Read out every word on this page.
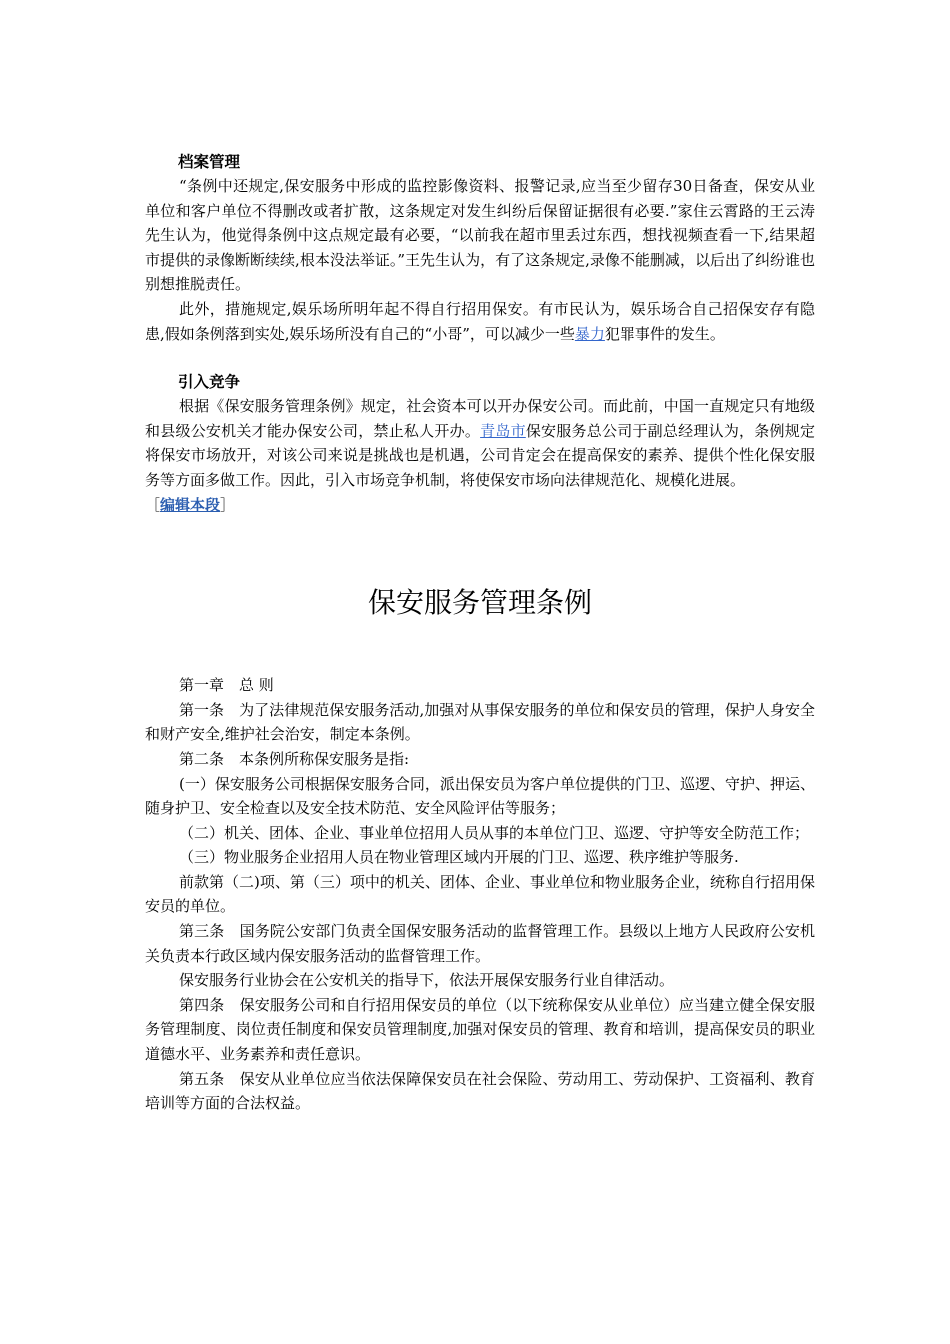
档案管理

“条例中还规定,保安服务中形成的监控影像资料、报警记录,应当至少留存30日备查，保安从业单位和客户单位不得删改或者扩散，这条规定对发生纠纷后保留证据很有必要.”家住云霄路的王云涛先生认为，他觉得条例中这点规定最有必要，“以前我在超市里丢过东西，想找视频查看一下,结果超市提供的录像断断续续,根本没法举证。”王先生认为，有了这条规定,录像不能删减，以后出了纠纷谁也别想推脱责任。

此外，措施规定,娱乐场所明年起不得自行招用保安。有市民认为，娱乐场合自己招保安存有隐患,假如条例落到实处,娱乐场所没有自己的“小哥”，可以减少一些暴力犯罪事件的发生。

引入竞争

根据《保安服务管理条例》规定，社会资本可以开办保安公司。而此前，中国一直规定只有地级和县级公安机关才能办保安公司，禁止私人开办。青岛市保安服务总公司于副总经理认为，条例规定将保安市场放开，对该公司来说是挑战也是机遇，公司肯定会在提高保安的素养、提供个性化保安服务等方面多做工作。因此，引入市场竞争机制，将使保安市场向法律规范化、规模化进展。

［编辑本段］

保安服务管理条例

第一章　总 则

第一条　为了法律规范保安服务活动,加强对从事保安服务的单位和保安员的管理，保护人身安全和财产安全,维护社会治安，制定本条例。

第二条　本条例所称保安服务是指:

(一）保安服务公司根据保安服务合同，派出保安员为客户单位提供的门卫、巡逻、守护、押运、随身护卫、安全检查以及安全技术防范、安全风险评估等服务；

（二）机关、团体、企业、事业单位招用人员从事的本单位门卫、巡逻、守护等安全防范工作；

（三）物业服务企业招用人员在物业管理区域内开展的门卫、巡逻、秩序维护等服务.

前款第（二)项、第（三）项中的机关、团体、企业、事业单位和物业服务企业，统称自行招用保安员的单位。

第三条　国务院公安部门负责全国保安服务活动的监督管理工作。县级以上地方人民政府公安机关负责本行政区域内保安服务活动的监督管理工作。

保安服务行业协会在公安机关的指导下，依法开展保安服务行业自律活动。

第四条　保安服务公司和自行招用保安员的单位（以下统称保安从业单位）应当建立健全保安服务管理制度、岗位责任制度和保安员管理制度,加强对保安员的管理、教育和培训，提高保安员的职业道德水平、业务素养和责任意识。

第五条　保安从业单位应当依法保障保安员在社会保险、劳动用工、劳动保护、工资福利、教育培训等方面的合法权益。
